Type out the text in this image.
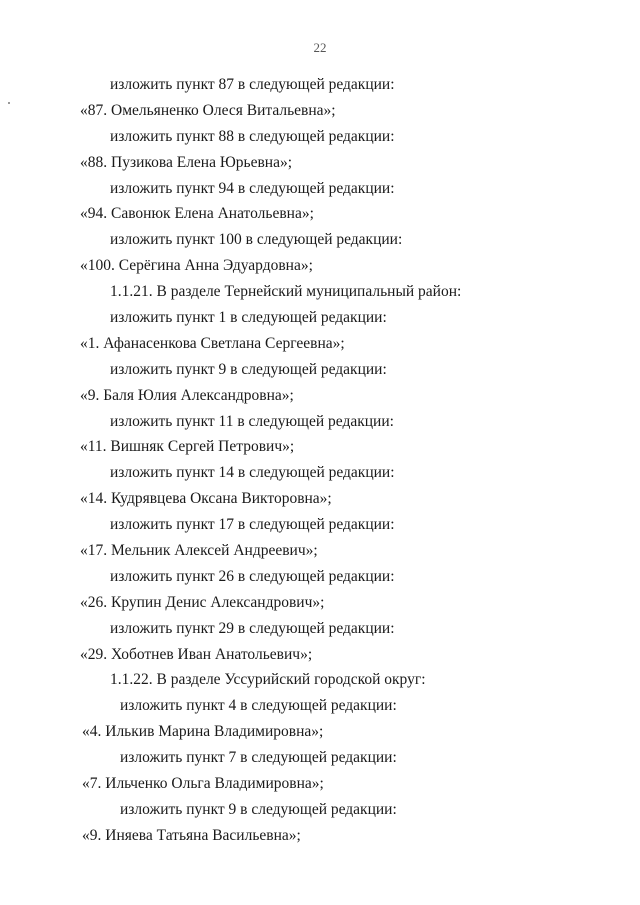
22
изложить пункт 87 в следующей редакции:
«87. Омельяненко Олеся Витальевна»;
изложить пункт 88 в следующей редакции:
«88. Пузикова Елена Юрьевна»;
изложить пункт 94 в следующей редакции:
«94. Савонюк Елена Анатольевна»;
изложить пункт 100 в следующей редакции:
«100. Серёгина Анна Эдуардовна»;
1.1.21. В разделе Тернейский муниципальный район:
изложить пункт 1 в следующей редакции:
«1. Афанасенкова Светлана Сергеевна»;
изложить пункт 9 в следующей редакции:
«9. Баля Юлия Александровна»;
изложить пункт 11 в следующей редакции:
«11. Вишняк Сергей Петрович»;
изложить пункт 14 в следующей редакции:
«14. Кудрявцева Оксана Викторовна»;
изложить пункт 17 в следующей редакции:
«17. Мельник Алексей Андреевич»;
изложить пункт 26 в следующей редакции:
«26. Крупин Денис Александрович»;
изложить пункт 29 в следующей редакции:
«29. Хоботнев Иван Анатольевич»;
1.1.22. В разделе Уссурийский городской округ:
изложить пункт 4 в следующей редакции:
«4. Илькив Марина Владимировна»;
изложить пункт 7 в следующей редакции:
«7. Ильченко Ольга Владимировна»;
изложить пункт 9 в следующей редакции:
«9. Иняева Татьяна Васильевна»;
